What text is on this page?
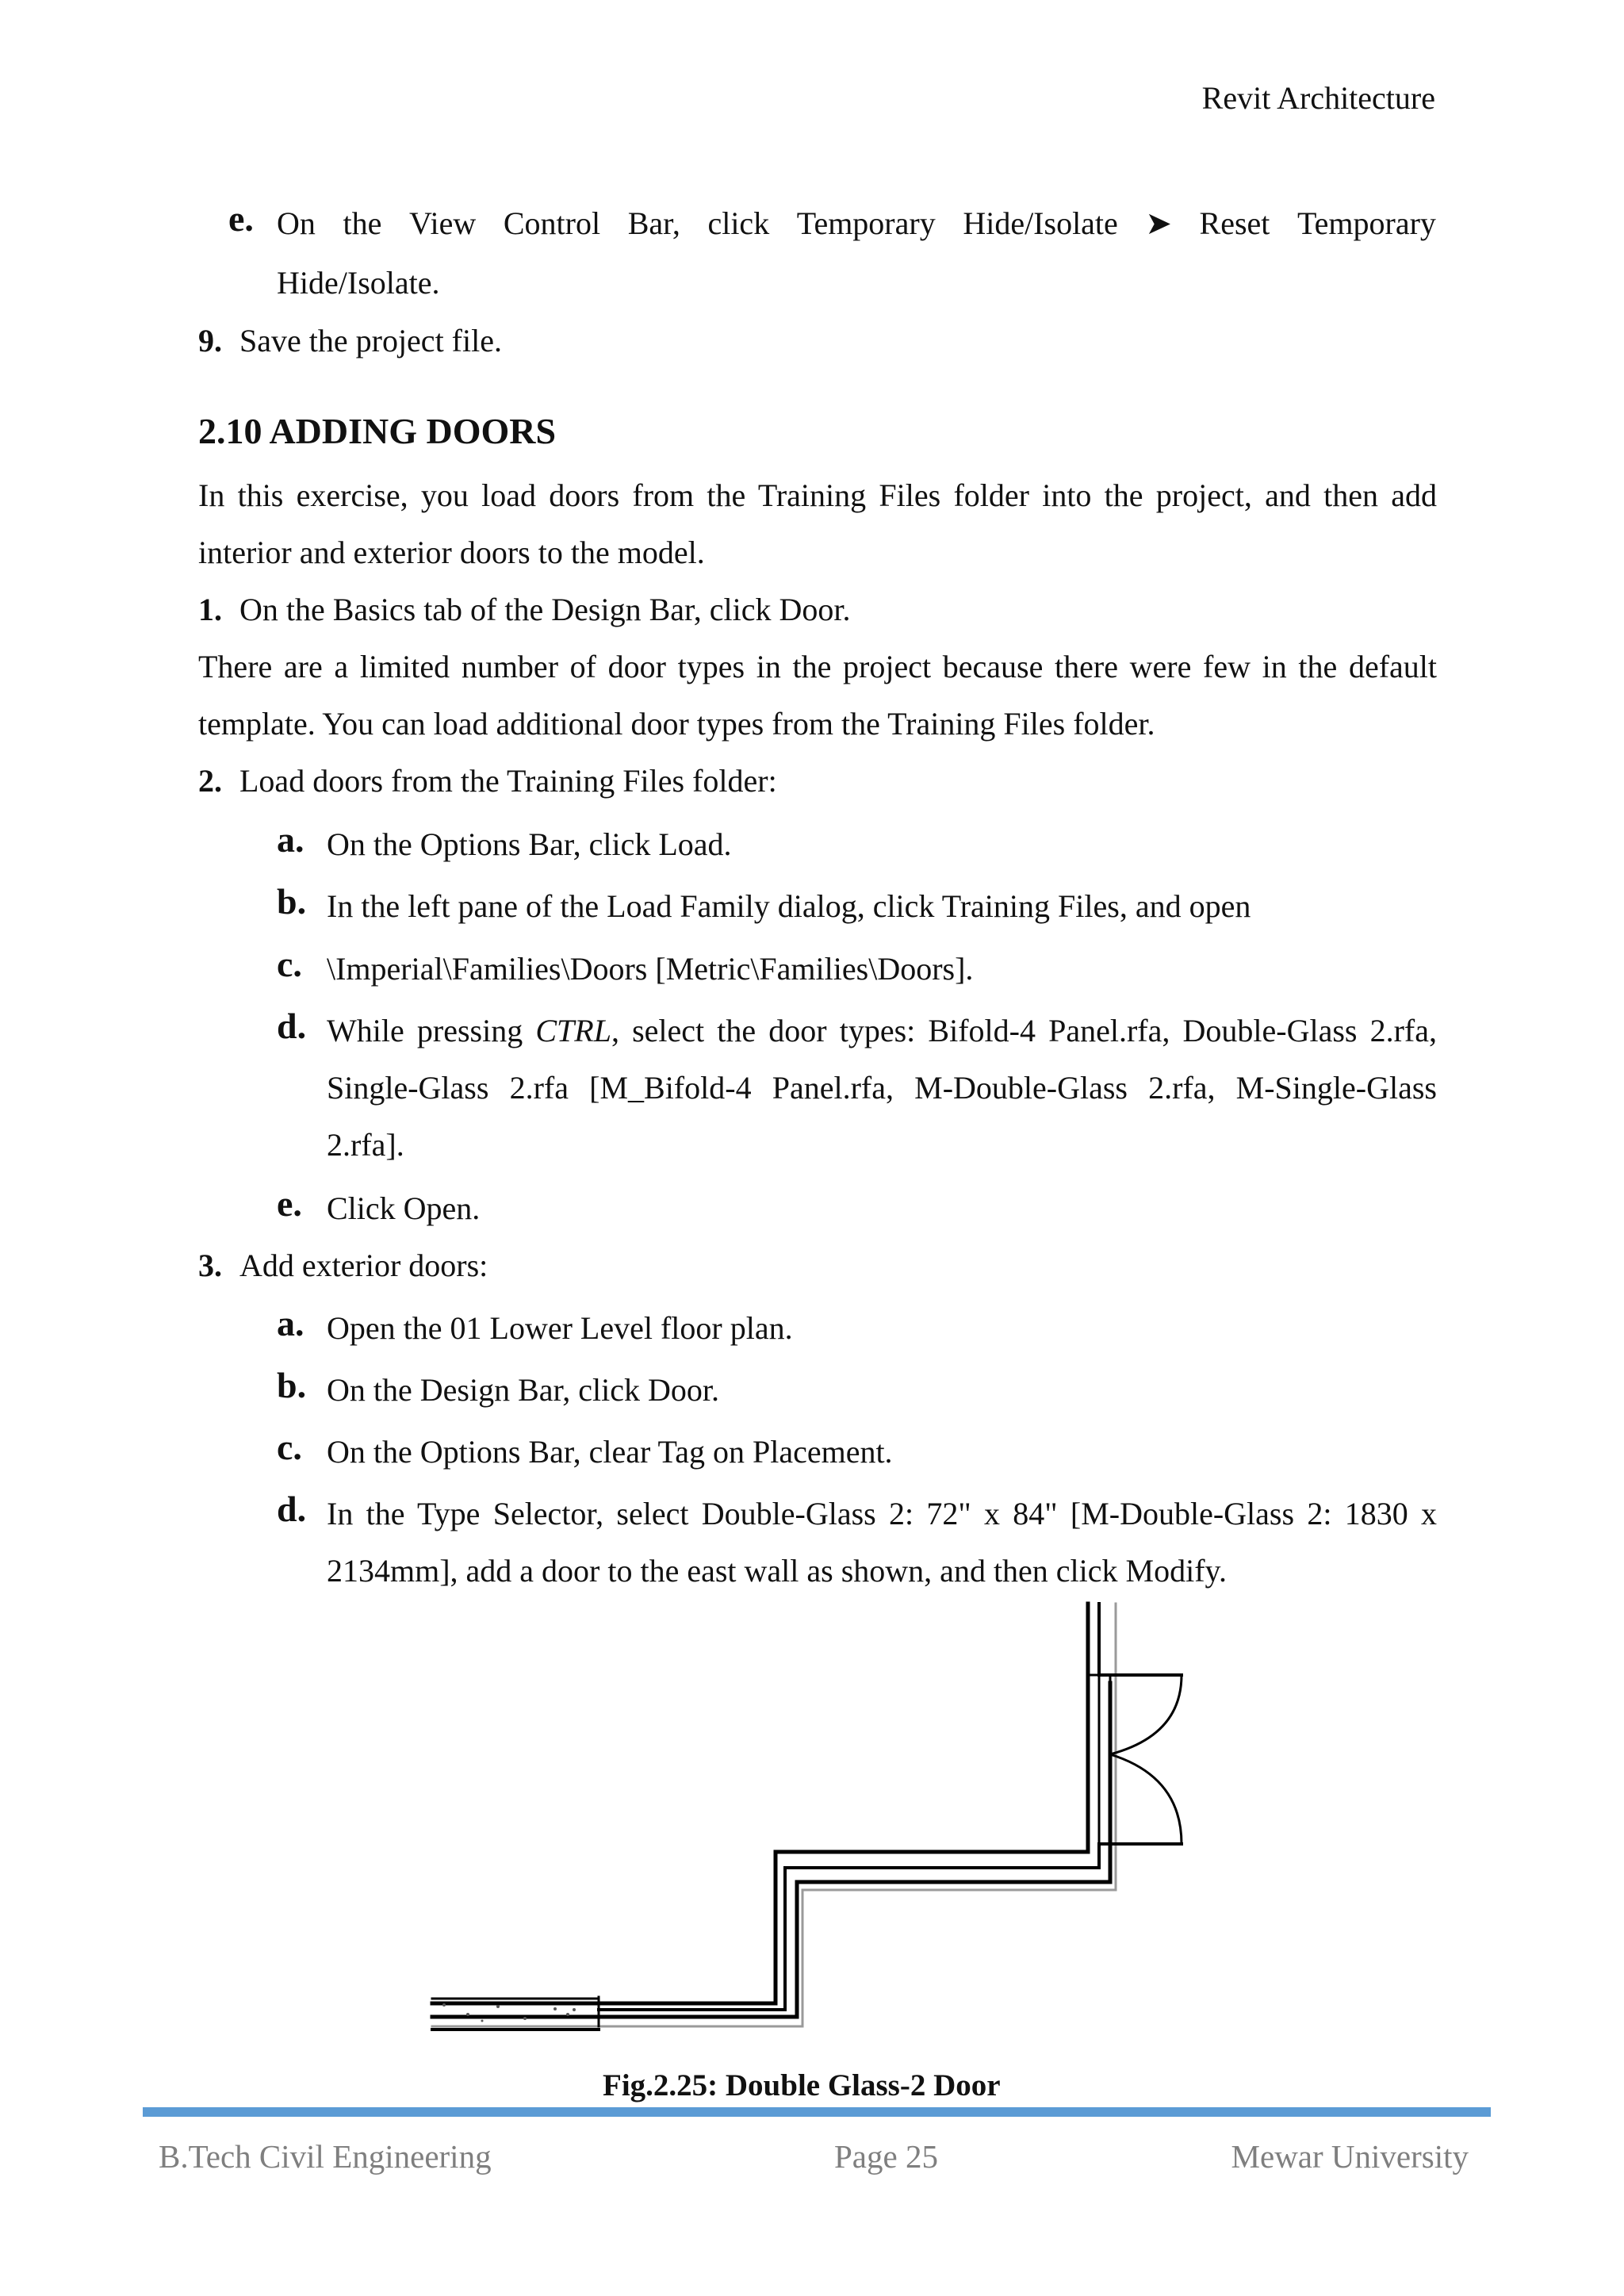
Revit Architecture
e. On the View Control Bar, click Temporary Hide/Isolate ➤ Reset Temporary
Hide/Isolate.
9. Save the project file.
2.10 ADDING DOORS
In this exercise, you load doors from the Training Files folder into the project, and then add
interior and exterior doors to the model.
1. On the Basics tab of the Design Bar, click Door.
There are a limited number of door types in the project because there were few in the default
template. You can load additional door types from the Training Files folder.
2. Load doors from the Training Files folder:
a. On the Options Bar, click Load.
b. In the left pane of the Load Family dialog, click Training Files, and open
c. \Imperial\Families\Doors [Metric\Families\Doors].
d. While pressing CTRL, select the door types: Bifold-4 Panel.rfa, Double-Glass 2.rfa,
Single-Glass 2.rfa [M_Bifold-4 Panel.rfa, M-Double-Glass 2.rfa, M-Single-Glass
2.rfa].
e. Click Open.
3. Add exterior doors:
a. Open the 01 Lower Level floor plan.
b. On the Design Bar, click Door.
c. On the Options Bar, clear Tag on Placement.
d. In the Type Selector, select Double-Glass 2: 72" x 84" [M-Double-Glass 2: 1830 x
2134mm], add a door to the east wall as shown, and then click Modify.
Fig.2.25: Double Glass-2 Door
B.Tech Civil Engineering	Page 25	Mewar University
